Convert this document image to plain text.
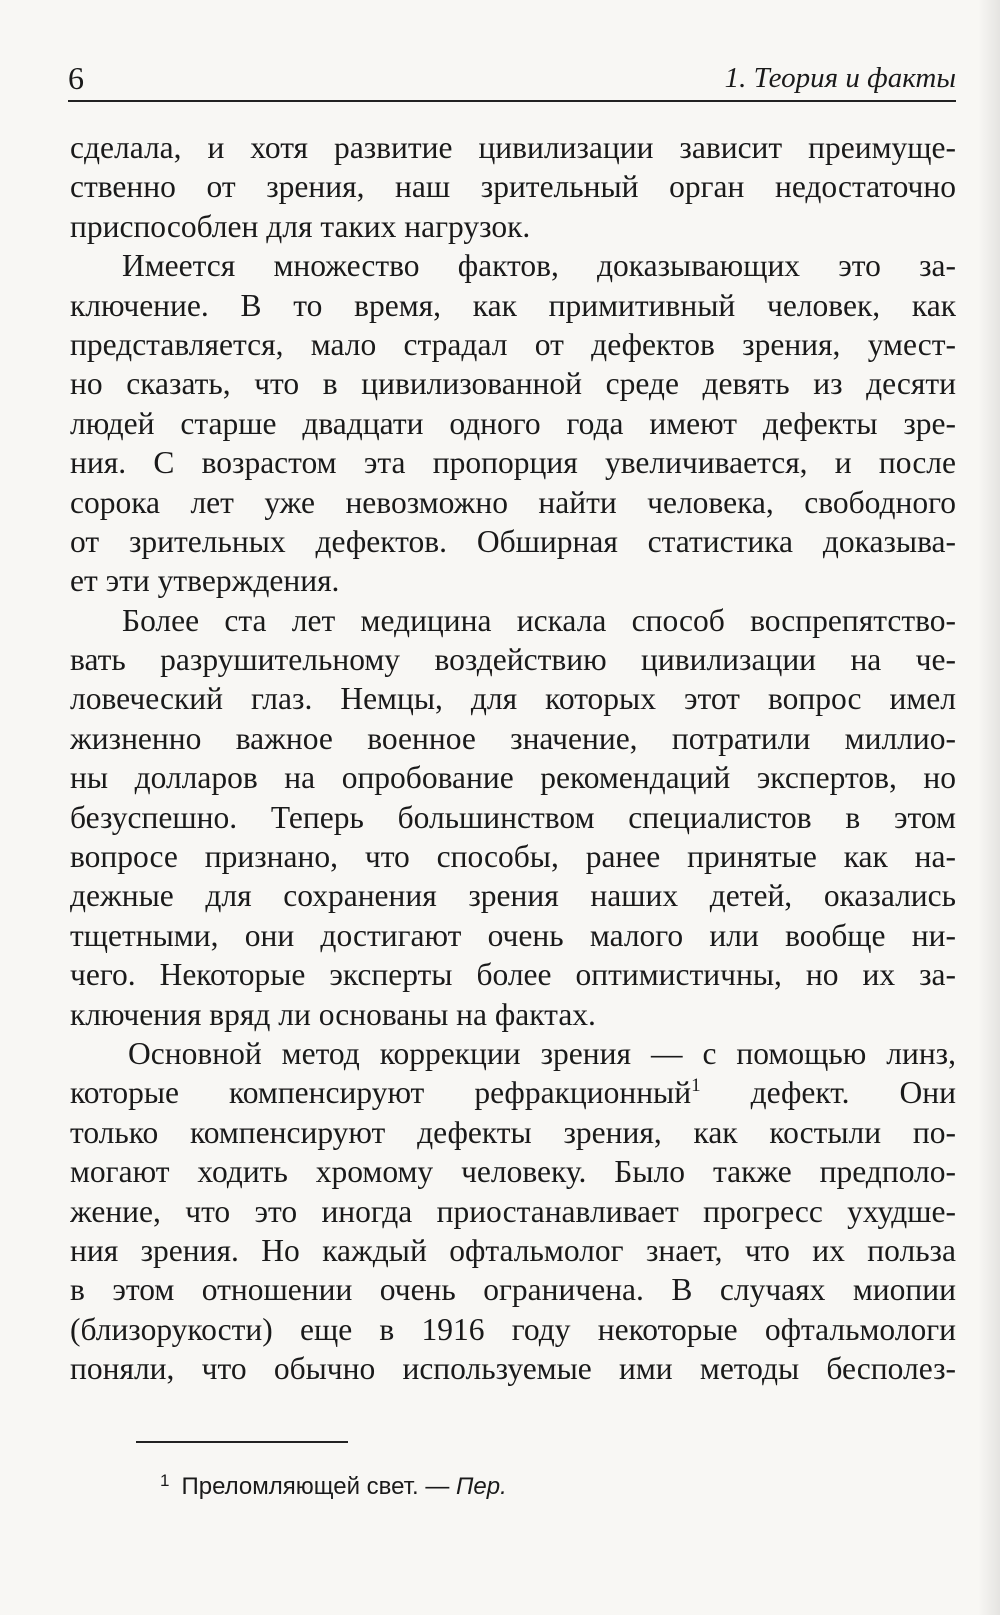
6	1. Теория и факты
сделала, и хотя развитие цивилизации зависит преимуще-
ственно от зрения, наш зрительный орган недостаточно
приспособлен для таких нагрузок.
Имеется множество фактов, доказывающих это за-
ключение. В то время, как примитивный человек, как
представляется, мало страдал от дефектов зрения, умест-
но сказать, что в цивилизованной среде девять из десяти
людей старше двадцати одного года имеют дефекты зре-
ния. С возрастом эта пропорция увеличивается, и после
сорока лет уже невозможно найти человека, свободного
от зрительных дефектов. Обширная статистика доказыва-
ет эти утверждения.
Более ста лет медицина искала способ воспрепятство-
вать разрушительному воздействию цивилизации на че-
ловеческий глаз. Немцы, для которых этот вопрос имел
жизненно важное военное значение, потратили миллио-
ны долларов на опробование рекомендаций экспертов, но
безуспешно. Теперь большинством специалистов в этом
вопросе признано, что способы, ранее принятые как на-
дежные для сохранения зрения наших детей, оказались
тщетными, они достигают очень малого или вообще ни-
чего. Некоторые эксперты более оптимистичны, но их за-
ключения вряд ли основаны на фактах.
Основной метод коррекции зрения — с помощью линз,
которые компенсируют рефракционный$^1$ дефект. Они
только компенсируют дефекты зрения, как костыли по-
могают ходить хромому человеку. Было также предполо-
жение, что это иногда приостанавливает прогресс ухудше-
ния зрения. Но каждый офтальмолог знает, что их польза
в этом отношении очень ограничена. В случаях миопии
(близорукости) еще в 1916 году некоторые офтальмологи
поняли, что обычно используемые ими методы бесполез-
$^1$ Преломляющей свет. — Пер.
